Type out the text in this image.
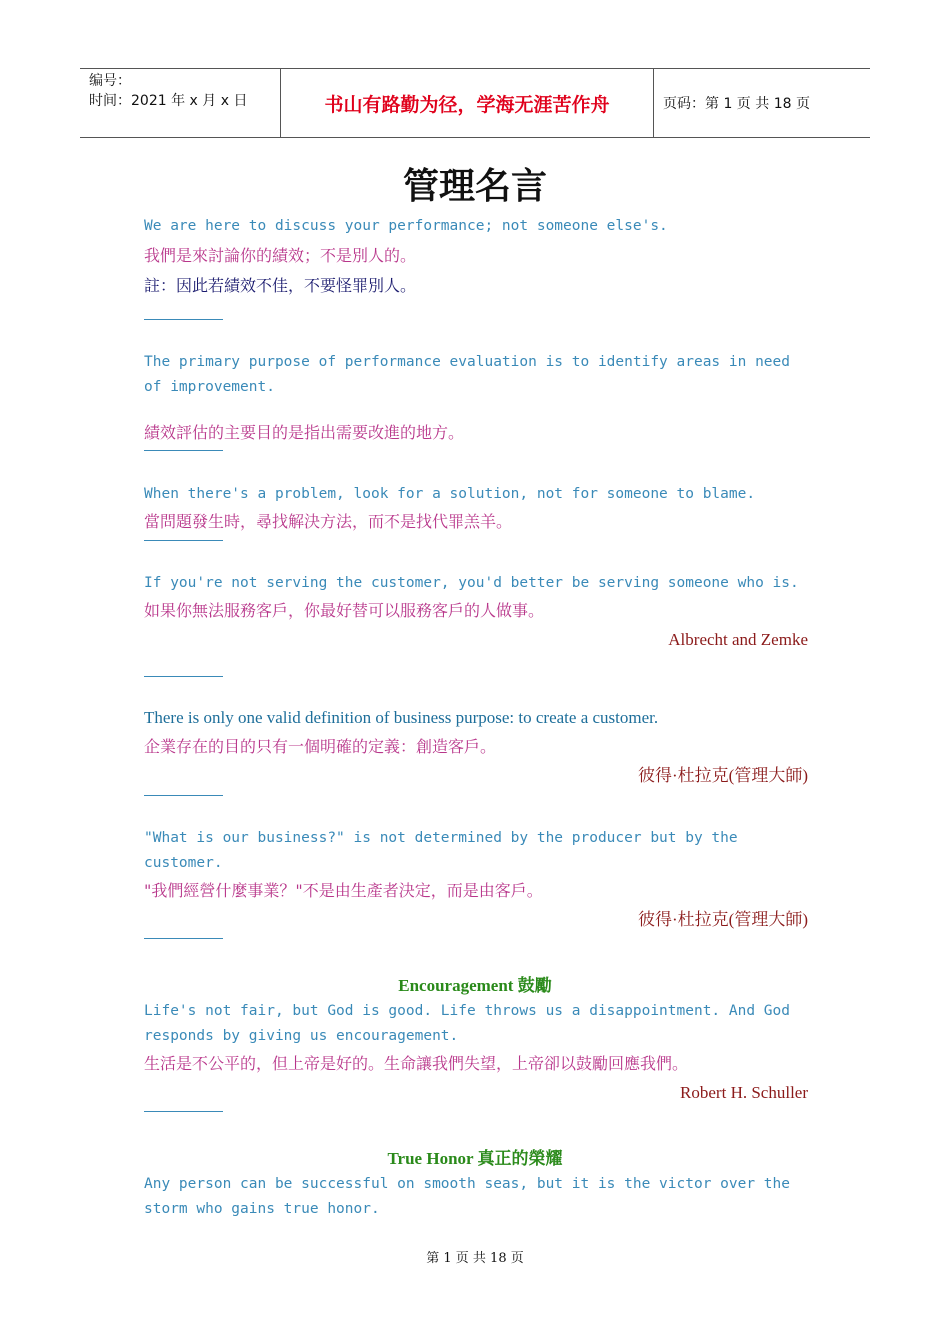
编号：
时间：2021 年 x 月 x 日	书山有路勤为径，学海无涯苦作舟	页码：第 1 页 共 18 页
管理名言
We are here to discuss your performance; not someone else's.
我們是來討論你的績效；不是別人的。
註：因此若績效不佳，不要怪罪別人。
The primary purpose of performance evaluation is to identify areas in need of improvement.
績效評估的主要目的是指出需要改進的地方。
When there's a problem, look for a solution, not for someone to blame.
當問題發生時，尋找解決方法，而不是找代罪羔羊。
If you're not serving the customer, you'd better be serving someone who is.
如果你無法服務客戶，你最好替可以服務客戶的人做事。
Albrecht and Zemke
There is only one valid definition of business purpose: to create a customer.
企業存在的目的只有一個明確的定義：創造客戶。
彼得·杜拉克(管理大師)
"What is our business?" is not determined by the producer but by the customer.
"我們經營什麼事業？"不是由生產者決定，而是由客戶。
彼得·杜拉克(管理大師)
Encouragement 鼓勵
Life's not fair, but God is good. Life throws us a disappointment. And God responds by giving us encouragement.
生活是不公平的，但上帝是好的。生命讓我們失望，上帝卻以鼓勵回應我們。
Robert H. Schuller
True Honor 真正的榮耀
Any person can be successful on smooth seas, but it is the victor over the storm who gains true honor.
第 1 页 共 18 页
